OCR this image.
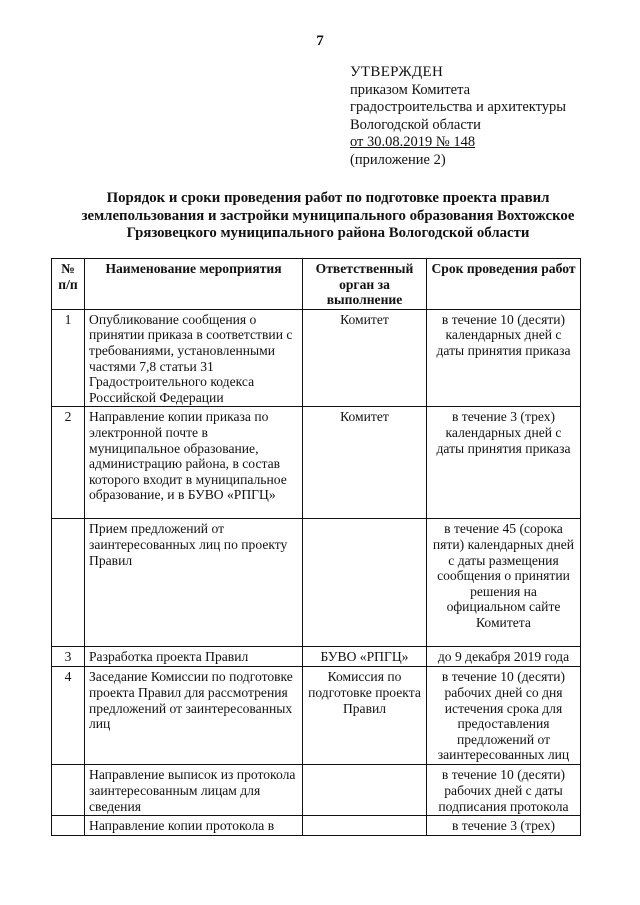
7
УТВЕРЖДЕН
приказом Комитета
градостроительства и архитектуры
Вологодской области
от 30.08.2019 № 148
(приложение 2)
Порядок и сроки проведения работ по подготовке проекта правил
землепользования и застройки муниципального образования Вохтожское
Грязовецкого муниципального района Вологодской области
№ п/п	Наименование мероприятия	Ответственный орган за выполнение	Срок проведения работ
1	Опубликование сообщения о принятии приказа в соответствии с требованиями, установленными частями 7,8 статьи 31 Градостроительного кодекса Российской Федерации	Комитет	в течение 10 (десяти) календарных дней с даты принятия приказа
2	Направление копии приказа по электронной почте в муниципальное образование, администрацию района, в состав которого входит в муниципальное образование, и в БУВО «РПГЦ»	Комитет	в течение 3 (трех) календарных дней с даты принятия приказа
	Прием предложений от заинтересованных лиц по проекту Правил		в течение 45 (сорока пяти) календарных дней с даты размещения сообщения о принятии решения на официальном сайте Комитета
3	Разработка проекта Правил	БУВО «РПГЦ»	до 9 декабря 2019 года
4	Заседание Комиссии по подготовке проекта Правил для рассмотрения предложений от заинтересованных лиц	Комиссия по подготовке проекта Правил	в течение 10 (десяти) рабочих дней со дня истечения срока для предоставления предложений от заинтересованных лиц
	Направление выписок из протокола заинтересованным лицам для сведения		в течение 10 (десяти) рабочих дней с даты подписания протокола
	Направление копии протокола в		в течение 3 (трех)
